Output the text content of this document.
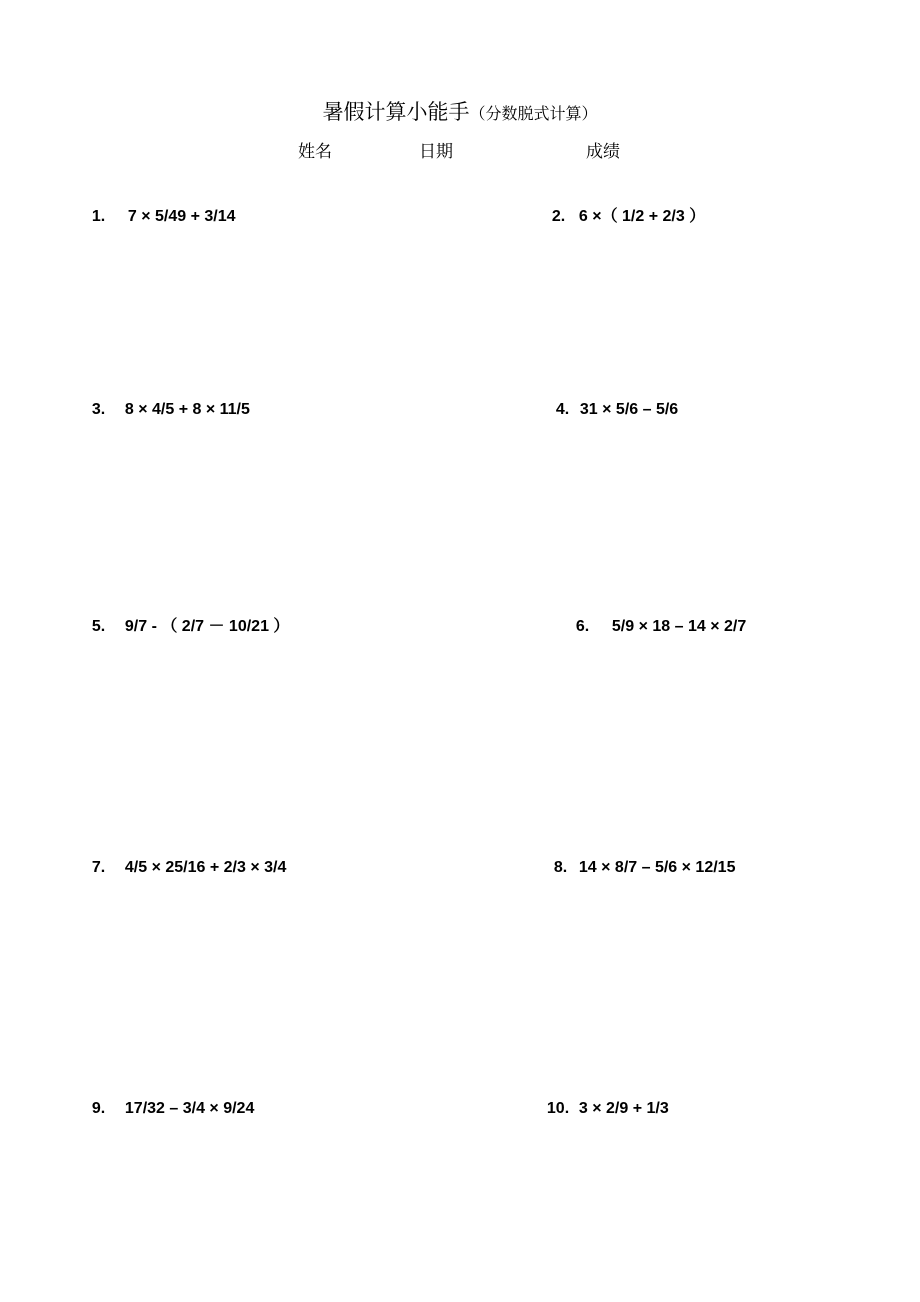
暑假计算小能手（分数脱式计算）
姓名	日期	成绩

1. 7 × 5/49 + 3/14	2. 6 ×（ 1/2 + 2/3 ）

3. 8 × 4/5 + 8 × 11/5	4. 31 × 5/6 – 5/6

5. 9/7 - （ 2/7 － 10/21 ）	6. 5/9 × 18 – 14 × 2/7

7. 4/5 × 25/16 + 2/3 × 3/4	8. 14 × 8/7 – 5/6 × 12/15

9. 17/32 – 3/4 × 9/24	10. 3 × 2/9 + 1/3
